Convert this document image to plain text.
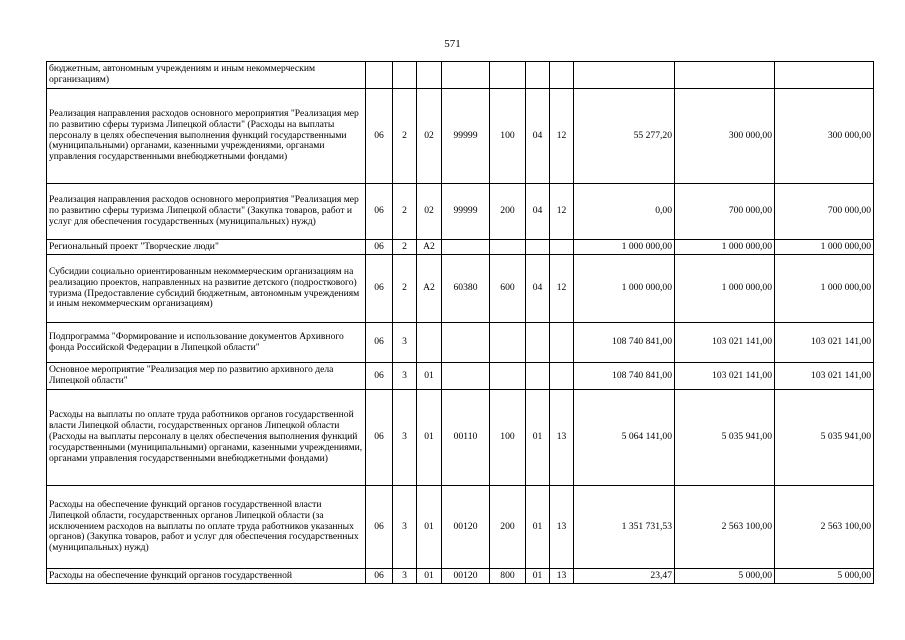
571
бюджетным, автономным учреждениям и иным некоммерческим организациям)										
Реализация направления расходов основного мероприятия "Реализация мер по развитию сферы туризма Липецкой области" (Расходы на выплаты персоналу в целях обеспечения выполнения функций государственными (муниципальными) органами, казенными учреждениями, органами управления государственными внебюджетными фондами)	06	2	02	99999	100	04	12	55 277,20	300 000,00	300 000,00
Реализация направления расходов основного мероприятия "Реализация мер по развитию сферы туризма Липецкой области" (Закупка товаров, работ и услуг для обеспечения государственных (муниципальных) нужд)	06	2	02	99999	200	04	12	0,00	700 000,00	700 000,00
Региональный проект "Творческие люди"	06	2	А2					1 000 000,00	1 000 000,00	1 000 000,00
Субсидии социально ориентированным некоммерческим организациям на реализацию проектов, направленных на развитие детского (подросткового) туризма (Предоставление субсидий бюджетным, автономным учреждениям и иным некоммерческим организациям)	06	2	А2	60380	600	04	12	1 000 000,00	1 000 000,00	1 000 000,00
Подпрограмма "Формирование и использование документов Архивного фонда Российской Федерации в Липецкой области"	06	3						108 740 841,00	103 021 141,00	103 021 141,00
Основное мероприятие "Реализация мер по развитию архивного дела Липецкой области"	06	3	01					108 740 841,00	103 021 141,00	103 021 141,00
Расходы на выплаты по оплате труда работников органов государственной власти Липецкой области, государственных органов Липецкой области (Расходы на выплаты персоналу в целях обеспечения выполнения функций государственными (муниципальными) органами, казенными учреждениями, органами управления государственными внебюджетными фондами)	06	3	01	00110	100	01	13	5 064 141,00	5 035 941,00	5 035 941,00
Расходы на обеспечение функций органов государственной власти Липецкой области, государственных органов Липецкой области (за исключением расходов на выплаты по оплате труда работников указанных органов) (Закупка товаров, работ и услуг для обеспечения государственных (муниципальных) нужд)	06	3	01	00120	200	01	13	1 351 731,53	2 563 100,00	2 563 100,00
Расходы на обеспечение функций органов государственной	06	3	01	00120	800	01	13	23,47	5 000,00	5 000,00
